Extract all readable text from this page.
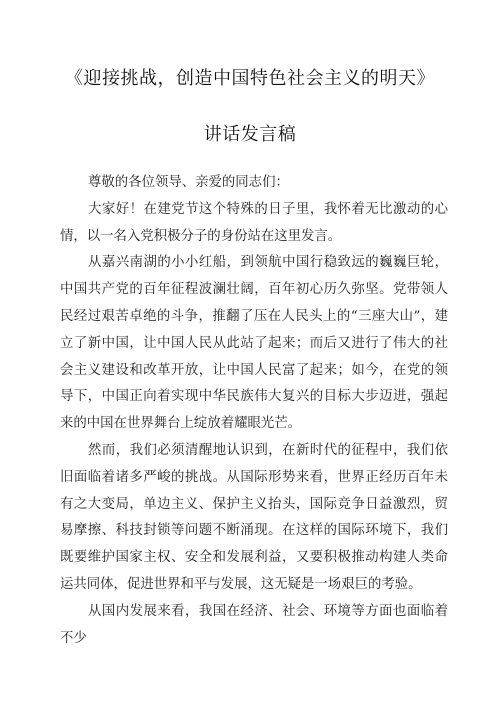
《迎接挑战，创造中国特色社会主义的明天》
讲话发言稿

尊敬的各位领导、亲爱的同志们：

大家好！在建党节这个特殊的日子里，我怀着无比激动的心情，以一名入党积极分子的身份站在这里发言。

从嘉兴南湖的小小红船，到领航中国行稳致远的巍巍巨轮，中国共产党的百年征程波澜壮阔，百年初心历久弥坚。党带领人民经过艰苦卓绝的斗争，推翻了压在人民头上的“三座大山”，建立了新中国，让中国人民从此站了起来；而后又进行了伟大的社会主义建设和改革开放，让中国人民富了起来；如今，在党的领导下，中国正向着实现中华民族伟大复兴的目标大步迈进，强起来的中国在世界舞台上绽放着耀眼光芒。

然而，我们必须清醒地认识到，在新时代的征程中，我们依旧面临着诸多严峻的挑战。从国际形势来看，世界正经历百年未有之大变局，单边主义、保护主义抬头，国际竞争日益激烈，贸易摩擦、科技封锁等问题不断涌现。在这样的国际环境下，我们既要维护国家主权、安全和发展利益，又要积极推动构建人类命运共同体，促进世界和平与发展，这无疑是一场艰巨的考验。

从国内发展来看，我国在经济、社会、环境等方面也面临着不少
